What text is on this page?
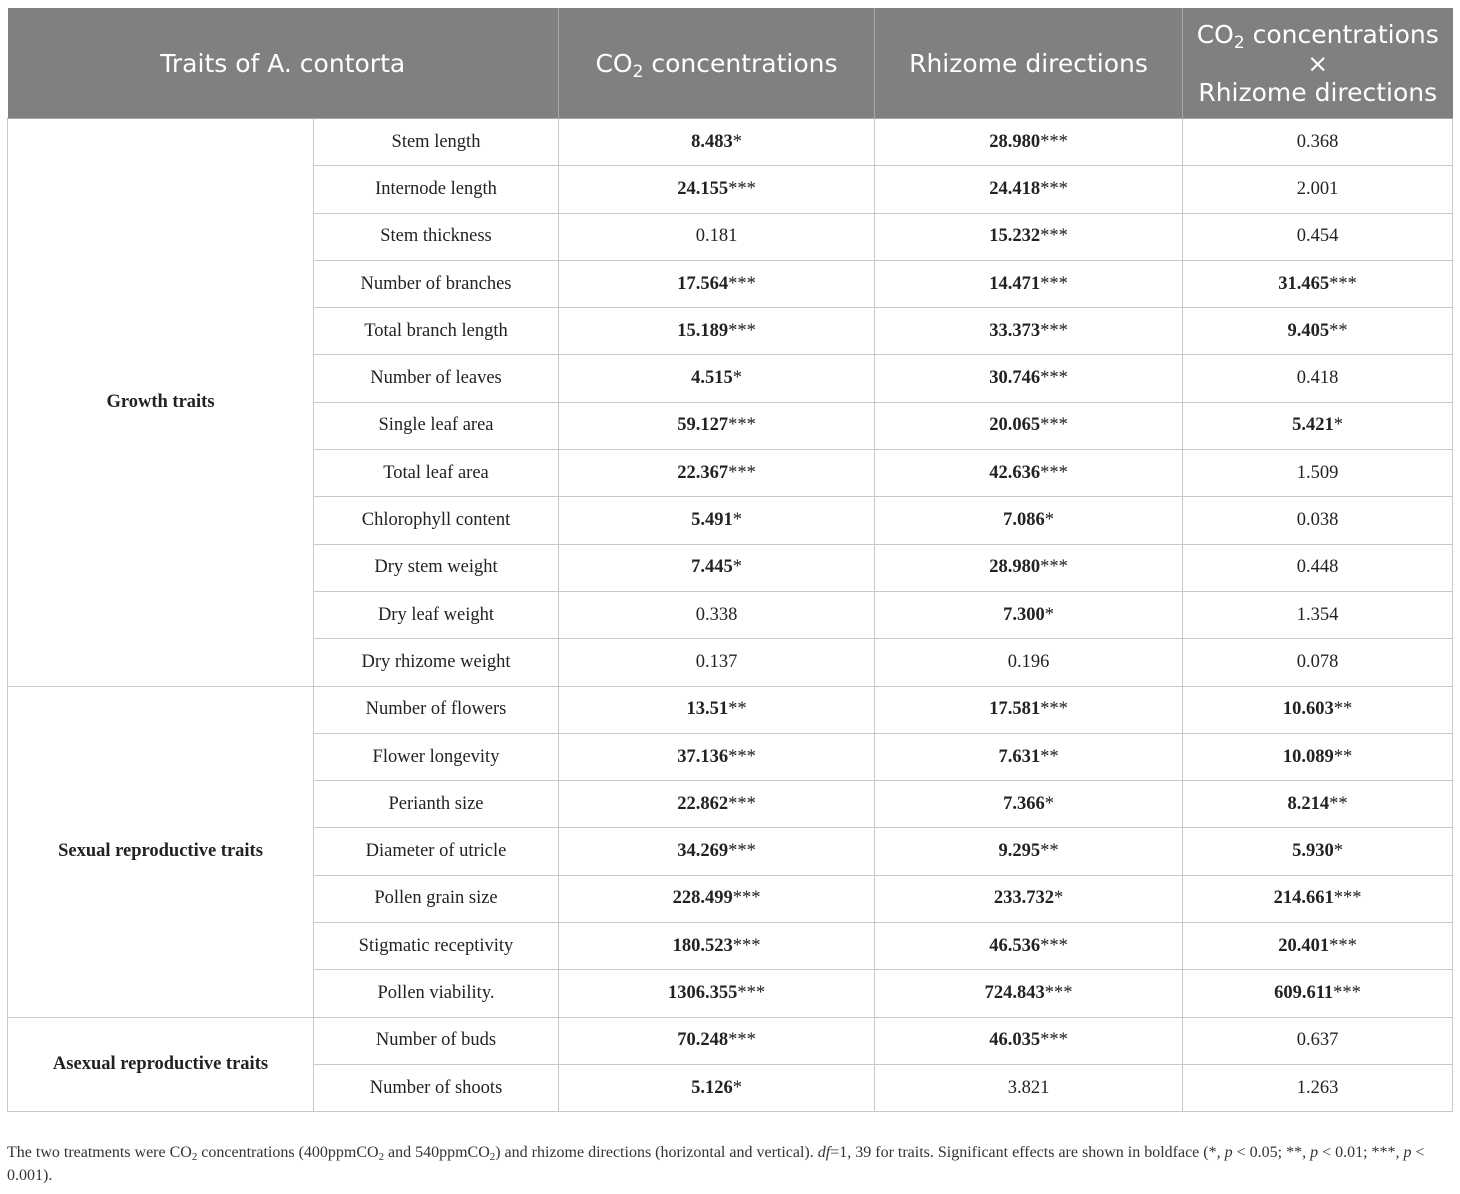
Traits of A. contorta		$CO_2$ concentrations	Rhizome directions	$CO_2$ concentrations
×
Rhizome directions
Growth traits	Stem length	8.483*	28.980***	0.368
	Internode length	24.155***	24.418***	2.001
	Stem thickness	0.181	15.232***	0.454
	Number of branches	17.564***	14.471***	31.465***
	Total branch length	15.189***	33.373***	9.405**
	Number of leaves	4.515*	30.746***	0.418
	Single leaf area	59.127***	20.065***	5.421*
	Total leaf area	22.367***	42.636***	1.509
	Chlorophyll content	5.491*	7.086*	0.038
	Dry stem weight	7.445*	28.980***	0.448
	Dry leaf weight	0.338	7.300*	1.354
	Dry rhizome weight	0.137	0.196	0.078
Sexual reproductive traits	Number of flowers	13.51**	17.581***	10.603**
	Flower longevity	37.136***	7.631**	10.089**
	Perianth size	22.862***	7.366*	8.214**
	Diameter of utricle	34.269***	9.295**	5.930*
	Pollen grain size	228.499***	233.732*	214.661***
	Stigmatic receptivity	180.523***	46.536***	20.401***
	Pollen viability.	1306.355***	724.843***	609.611***
Asexual reproductive traits	Number of buds	70.248***	46.035***	0.637
	Number of shoots	5.126*	3.821	1.263
The two treatments were $CO_2$ concentrations (400ppmCO$_2$ and 540ppmCO$_2$) and rhizome directions (horizontal and vertical). df=1, 39 for traits. Significant effects are shown in boldface (*, p < 0.05; **, p < 0.01; ***, p < 0.001).
